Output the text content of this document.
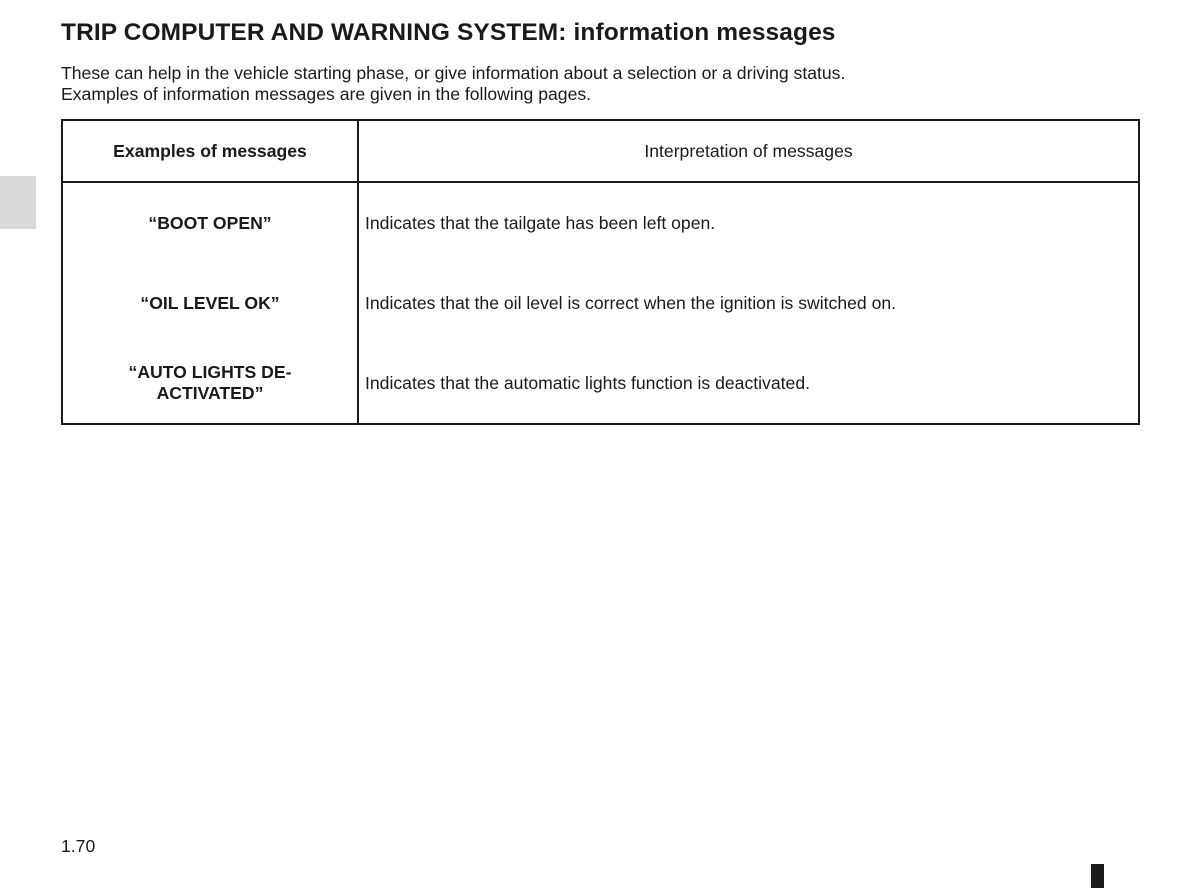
TRIP COMPUTER AND WARNING SYSTEM: information messages

These can help in the vehicle starting phase, or give information about a selection or a driving status.

Examples of information messages are given in the following pages.

Examples of messages	Interpretation of messages
“BOOT OPEN”	Indicates that the tailgate has been left open.
“OIL LEVEL OK”	Indicates that the oil level is correct when the ignition is switched on.
“AUTO LIGHTS DE-ACTIVATED”	Indicates that the automatic lights function is deactivated.
1.70
